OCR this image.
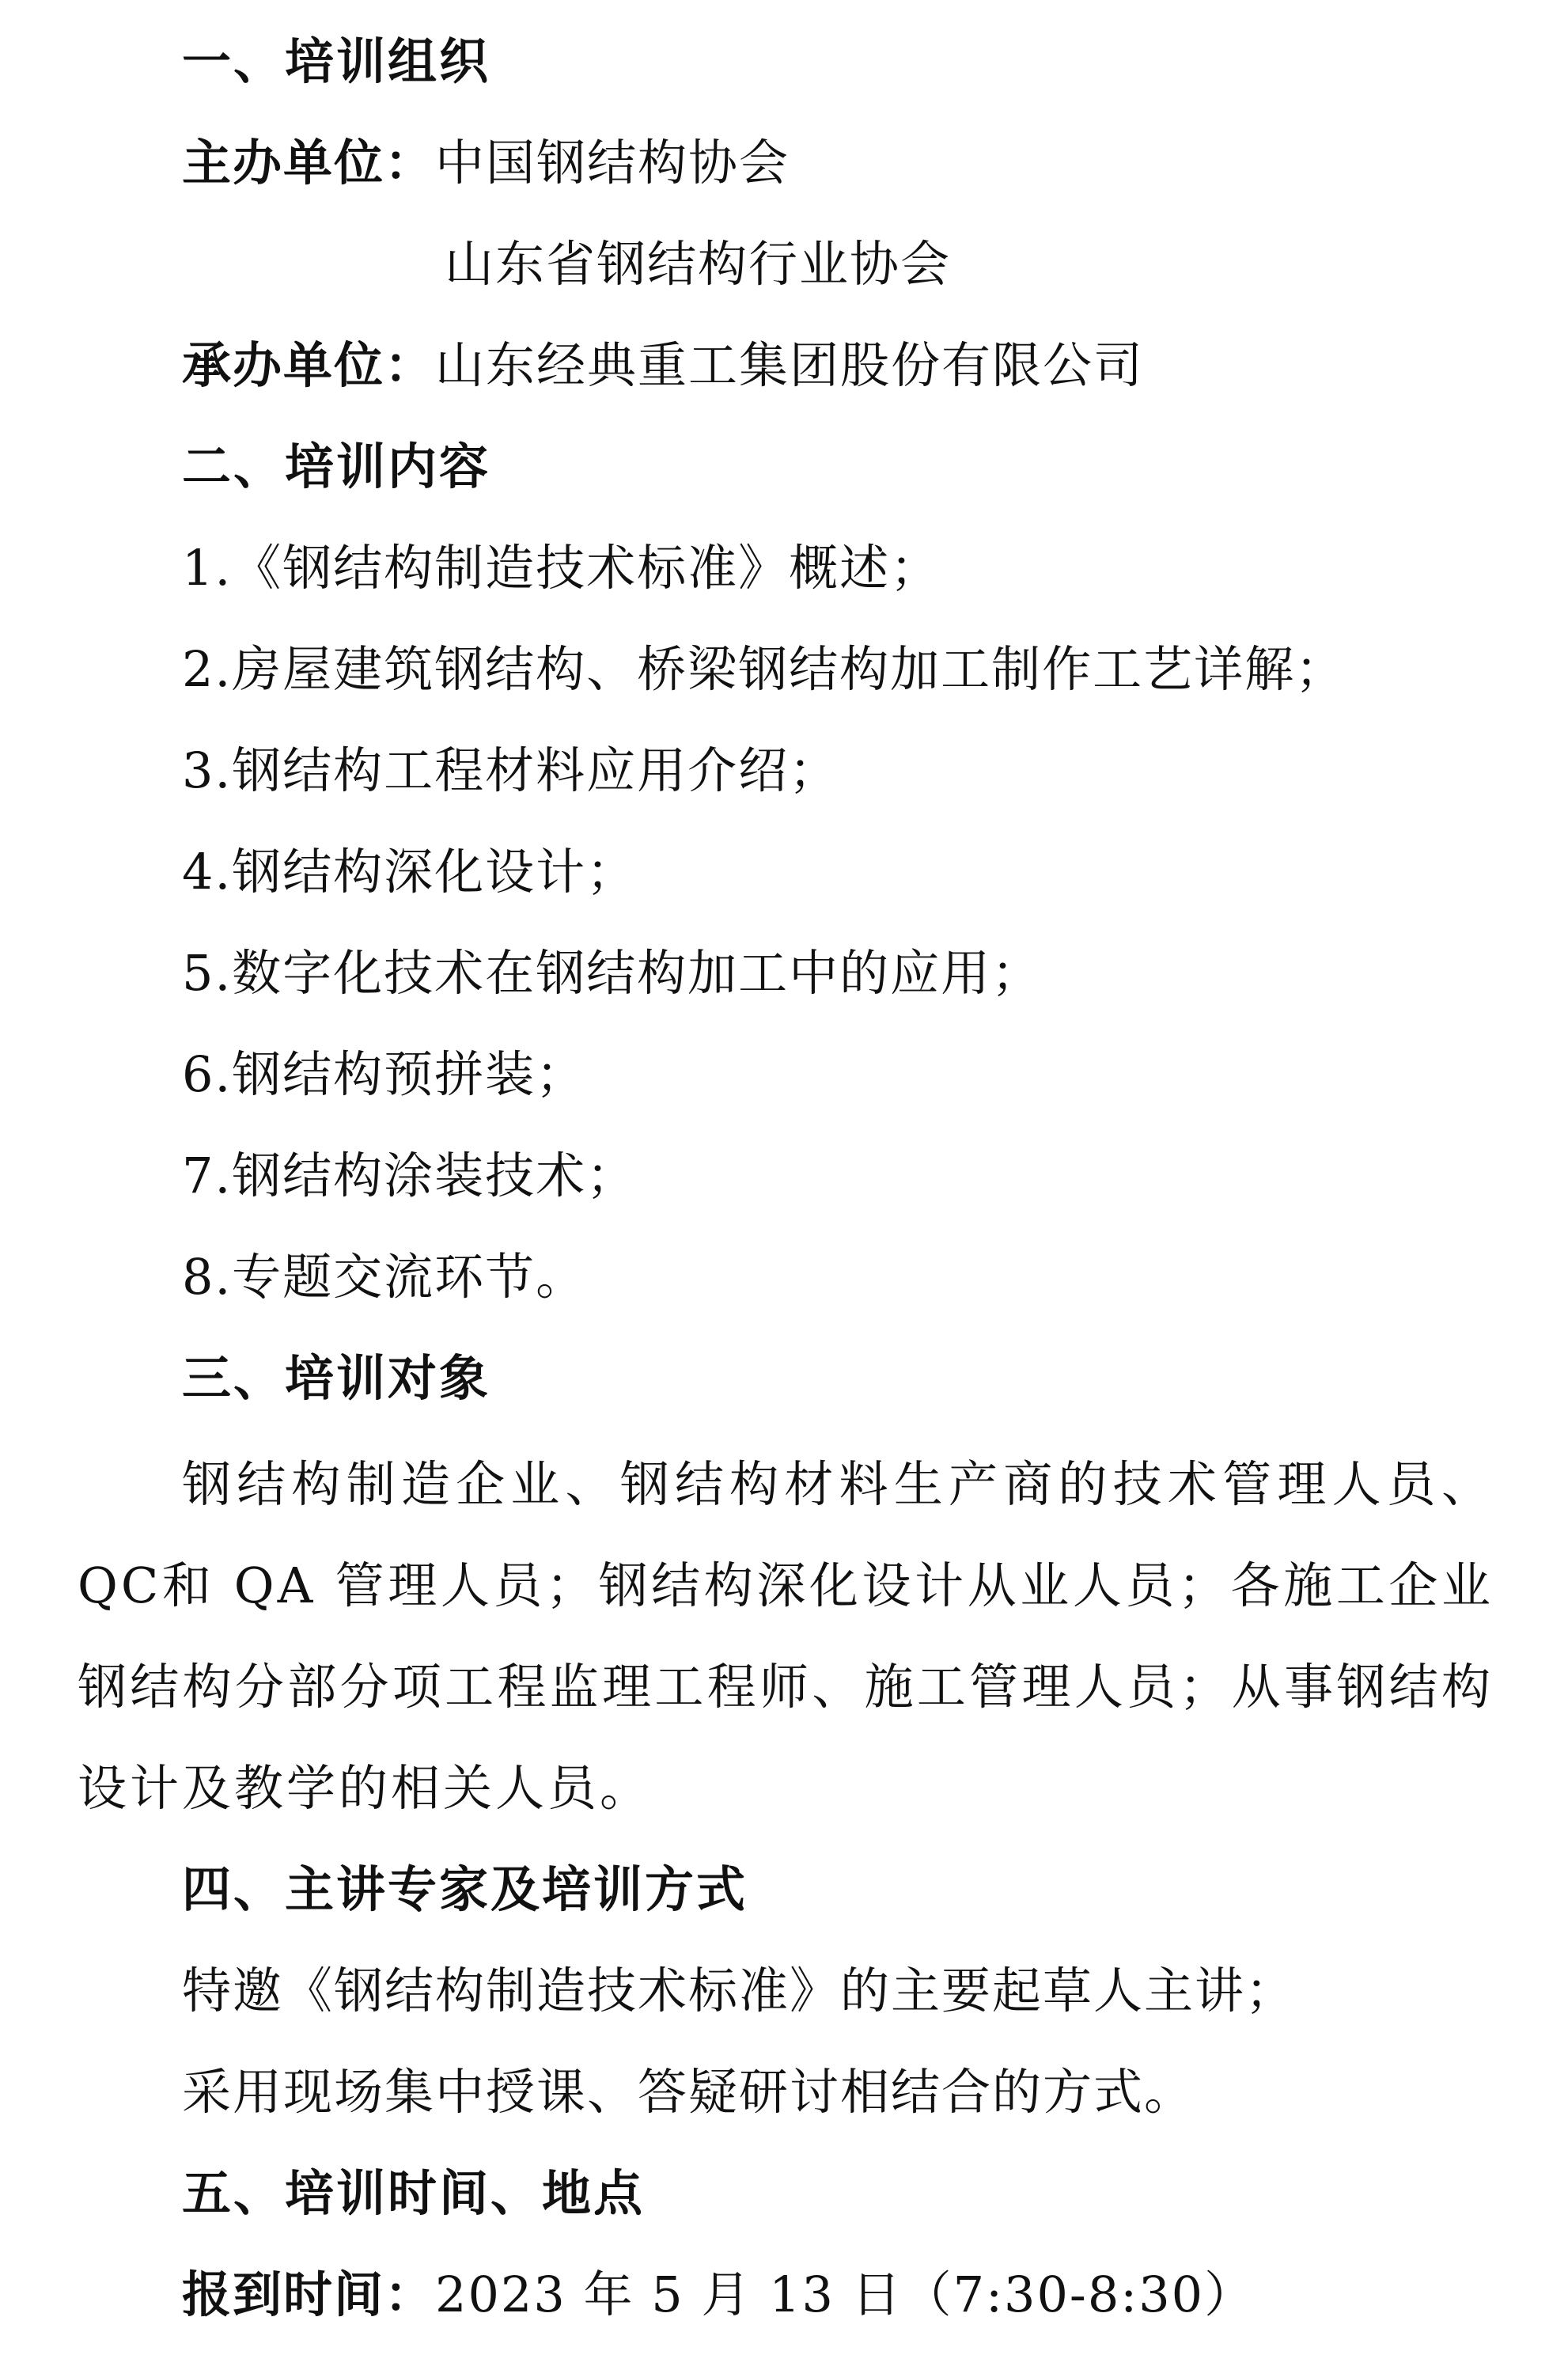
一、培训组织
主办单位：中国钢结构协会
山东省钢结构行业协会
承办单位：山东经典重工集团股份有限公司
二、培训内容
1.《钢结构制造技术标准》概述；
2.房屋建筑钢结构、桥梁钢结构加工制作工艺详解；
3.钢结构工程材料应用介绍；
4.钢结构深化设计；
5.数字化技术在钢结构加工中的应用；
6.钢结构预拼装；
7.钢结构涂装技术；
8.专题交流环节。
三、培训对象
钢结构制造企业、钢结构材料生产商的技术管理人员、QC和 QA 管理人员；钢结构深化设计从业人员；各施工企业钢结构分部分项工程监理工程师、施工管理人员；从事钢结构设计及教学的相关人员。
四、主讲专家及培训方式
特邀《钢结构制造技术标准》的主要起草人主讲；
采用现场集中授课、答疑研讨相结合的方式。
五、培训时间、地点
报到时间：2023 年 5 月 13 日（7:30-8:30）
